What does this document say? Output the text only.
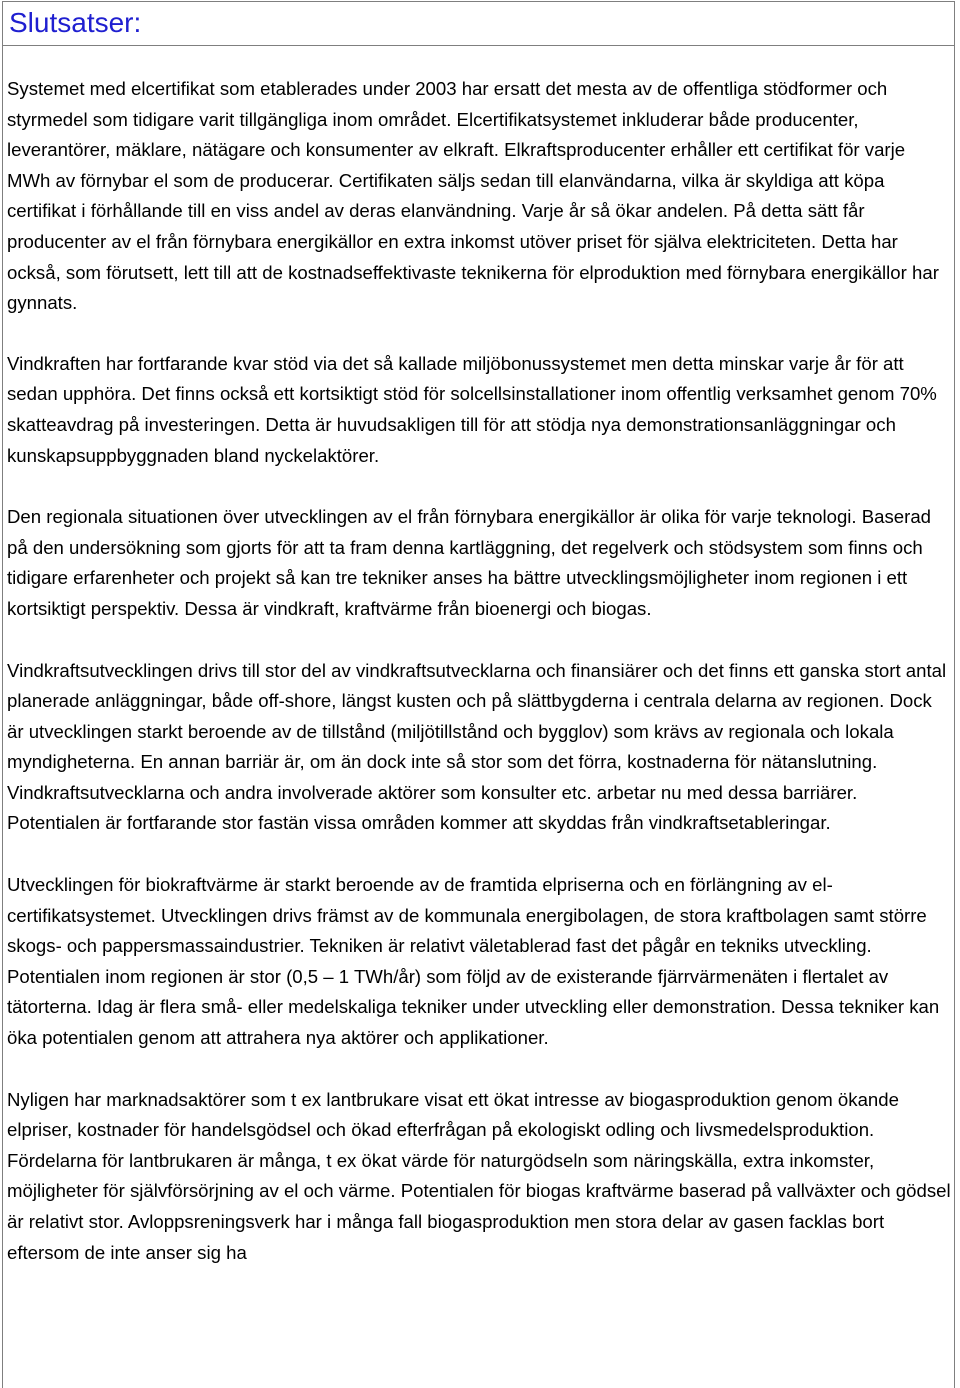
Slutsatser:

Systemet med elcertifikat som etablerades under 2003 har ersatt det mesta av de offentliga stödformer och styrmedel som tidigare varit tillgängliga inom området. Elcertifikatsystemet inkluderar både producenter, leverantörer, mäklare, nätägare och konsumenter av elkraft. Elkraftsproducenter erhåller ett certifikat för varje MWh av förnybar el som de producerar. Certifikaten säljs sedan till elanvändarna, vilka är skyldiga att köpa certifikat i förhållande till en viss andel av deras elanvändning. Varje år så ökar andelen. På detta sätt får producenter av el från förnybara energikällor en extra inkomst utöver priset för själva elektriciteten. Detta har också, som förutsett, lett till att de kostnadseffektivaste teknikerna för elproduktion med förnybara energikällor har gynnats.

Vindkraften har fortfarande kvar stöd via det så kallade miljöbonussystemet men detta minskar varje år för att sedan upphöra. Det finns också ett kortsiktigt stöd för solcellsinstallationer inom offentlig verksamhet genom 70% skatteavdrag på investeringen. Detta är huvudsakligen till för att stödja nya demonstrationsanläggningar och kunskapsuppbyggnaden bland nyckelaktörer.

Den regionala situationen över utvecklingen av el från förnybara energikällor är olika för varje teknologi. Baserad på den undersökning som gjorts för att ta fram denna kartläggning, det regelverk och stödsystem som finns och tidigare erfarenheter och projekt så kan tre tekniker anses ha bättre utvecklingsmöjligheter inom regionen i ett kortsiktigt perspektiv. Dessa är vindkraft, kraftvärme från bioenergi och biogas.

Vindkraftsutvecklingen drivs till stor del av vindkraftsutvecklarna och finansiärer och det finns ett ganska stort antal planerade anläggningar, både off-shore, längst kusten och på slättbygderna i centrala delarna av regionen. Dock är utvecklingen starkt beroende av de tillstånd (miljötillstånd och bygglov) som krävs av regionala och lokala myndigheterna. En annan barriär är, om än dock inte så stor som det förra, kostnaderna för nätanslutning. Vindkraftsutvecklarna och andra involverade aktörer som konsulter etc. arbetar nu med dessa barriärer. Potentialen är fortfarande stor fastän vissa områden kommer att skyddas från vindkraftsetableringar.

Utvecklingen för biokraftvärme är starkt beroende av de framtida elpriserna och en förlängning av el-certifikatsystemet. Utvecklingen drivs främst av de kommunala energibolagen, de stora kraftbolagen samt större skogs- och pappersmassaindustrier. Tekniken är relativt väletablerad fast det pågår en tekniks utveckling. Potentialen inom regionen är stor (0,5 – 1 TWh/år) som följd av de existerande fjärrvärmenäten i flertalet av tätorterna. Idag är flera små- eller medelskaliga tekniker under utveckling eller demonstration. Dessa tekniker kan öka potentialen genom att attrahera nya aktörer och applikationer.

Nyligen har marknadsaktörer som t ex lantbrukare visat ett ökat intresse av biogasproduktion genom ökande elpriser, kostnader för handelsgödsel och ökad efterfrågan på ekologiskt odling och livsmedelsproduktion. Fördelarna för lantbrukaren är många, t ex ökat värde för naturgödseln som näringskälla, extra inkomster, möjligheter för självförsörjning av el och värme. Potentialen för biogas kraftvärme baserad på vallväxter och gödsel är relativt stor. Avloppsreningsverk har i många fall biogasproduktion men stora delar av gasen facklas bort eftersom de inte anser sig ha
